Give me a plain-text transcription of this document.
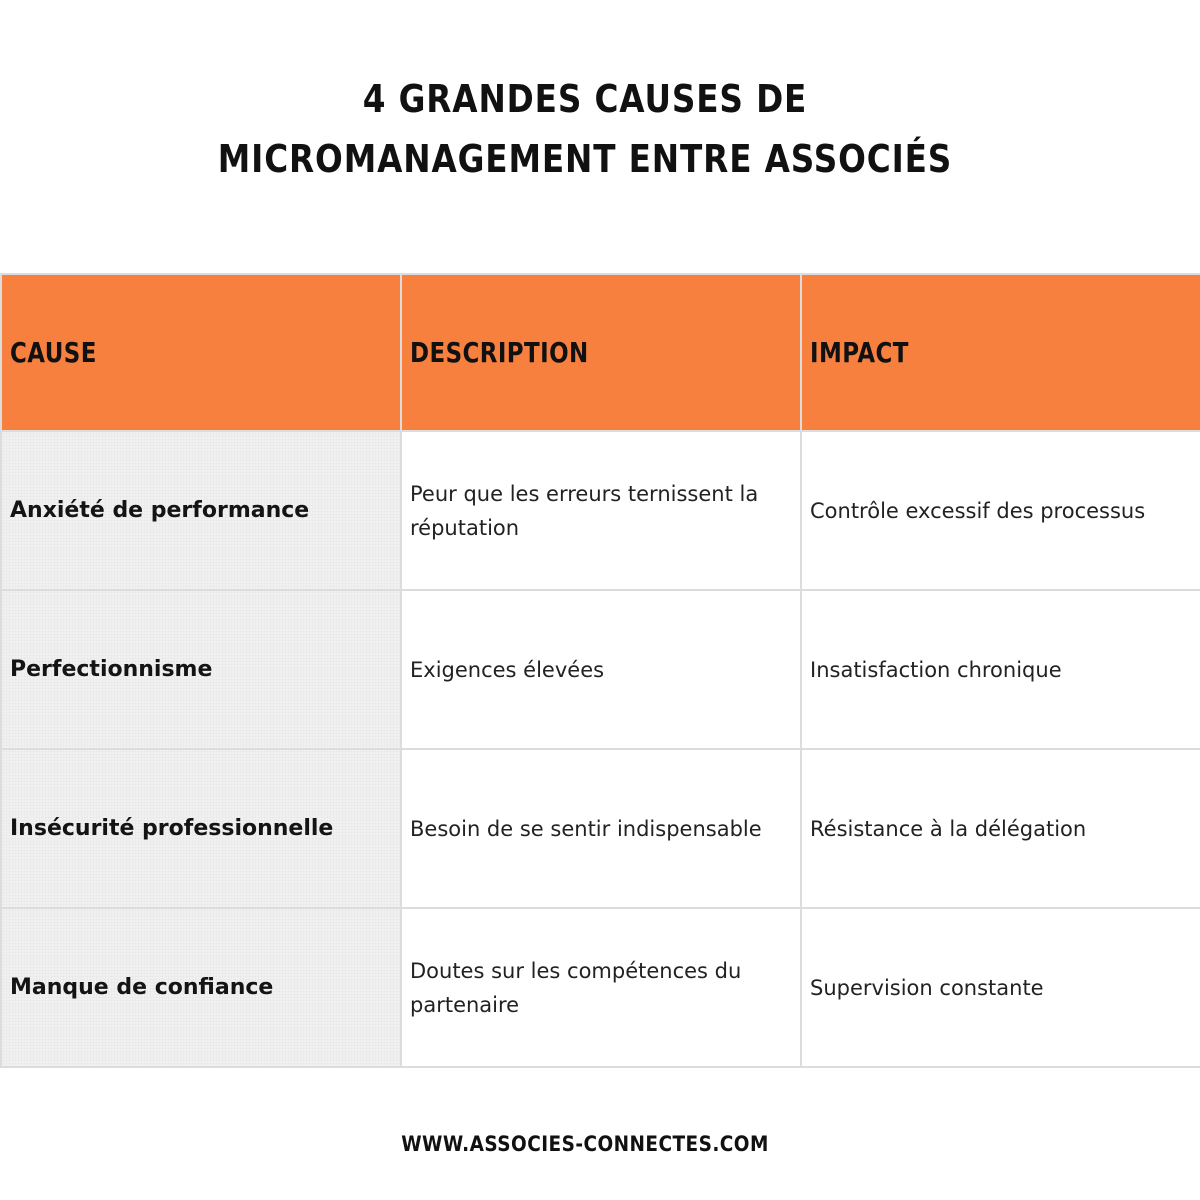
4 GRANDES CAUSES DE
MICROMANAGEMENT ENTRE ASSOCIÉS
CAUSE	DESCRIPTION	IMPACT
Anxiété de performance	Peur que les erreurs ternissent la réputation	Contrôle excessif des processus
Perfectionnisme	Exigences élevées	Insatisfaction chronique
Insécurité professionnelle	Besoin de se sentir indispensable	Résistance à la délégation
Manque de confiance	Doutes sur les compétences du partenaire	Supervision constante
WWW.ASSOCIES-CONNECTES.COM
